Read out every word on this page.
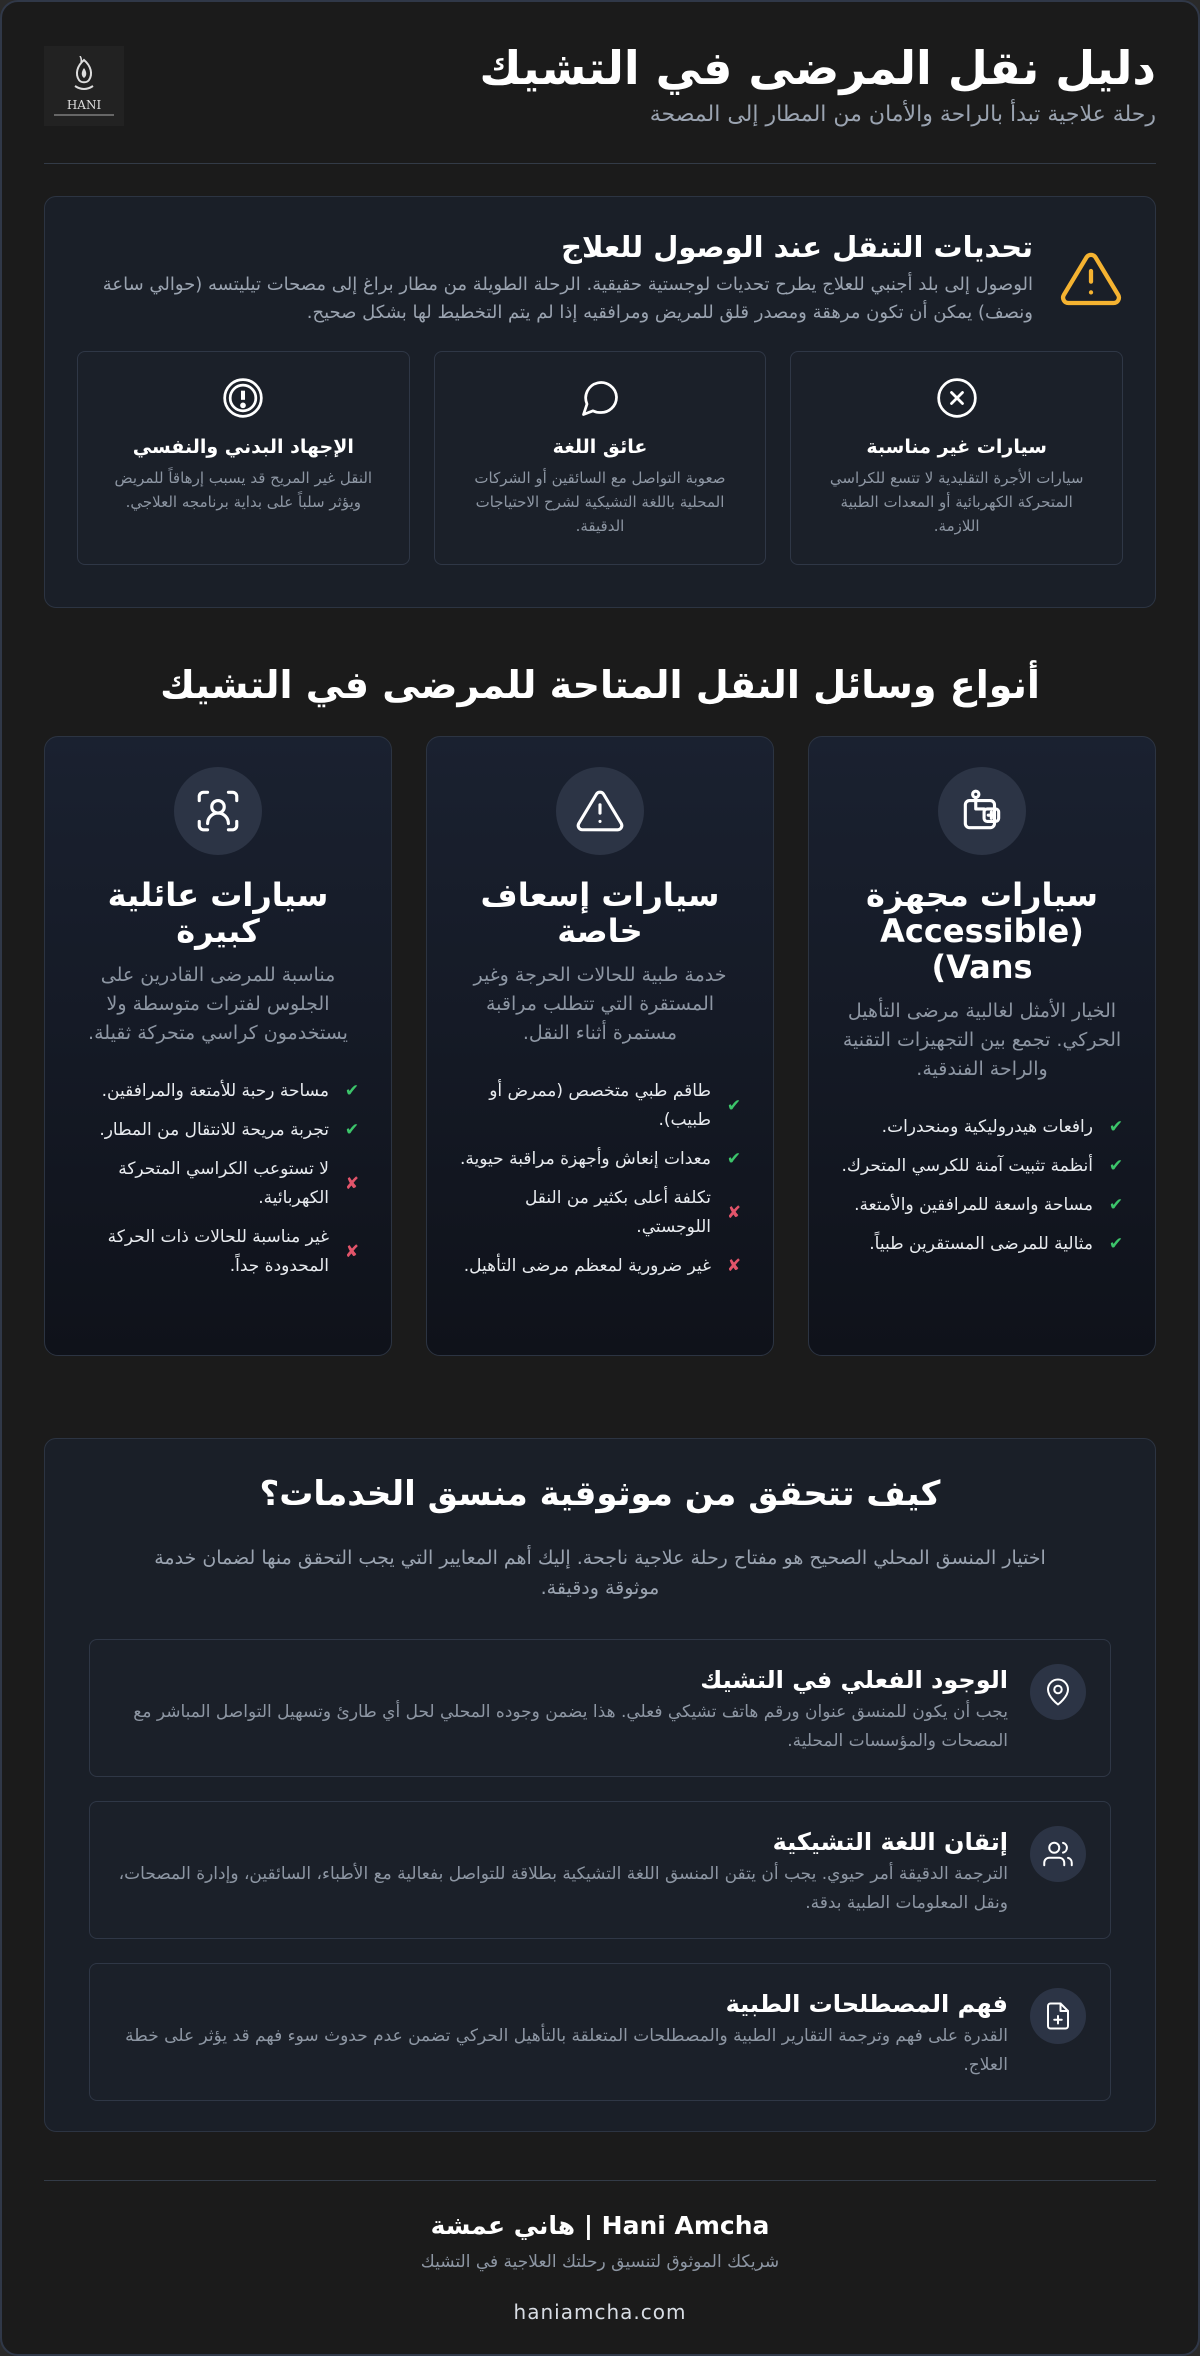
دليل نقل المرضى في التشيك
رحلة علاجية تبدأ بالراحة والأمان من المطار إلى المصحة
HANI
تحديات التنقل عند الوصول للعلاج

الوصول إلى بلد أجنبي للعلاج يطرح تحديات لوجستية حقيقية. الرحلة الطويلة من مطار براغ إلى مصحات تيليتسه (حوالي ساعة ونصف) يمكن أن تكون مرهقة ومصدر قلق للمريض ومرافقيه إذا لم يتم التخطيط لها بشكل صحيح.

سيارات غير مناسبة
سيارات الأجرة التقليدية لا تتسع للكراسي المتحركة الكهربائية أو المعدات الطبية اللازمة.
عائق اللغة
صعوبة التواصل مع السائقين أو الشركات المحلية باللغة التشيكية لشرح الاحتياجات الدقيقة.
الإجهاد البدني والنفسي
النقل غير المريح قد يسبب إرهاقاً للمريض ويؤثر سلباً على بداية برنامجه العلاجي.
أنواع وسائل النقل المتاحة للمرضى في التشيك
سيارات مجهزة (Accessible Vans)

الخيار الأمثل لغالبية مرضى التأهيل الحركي. تجمع بين التجهيزات التقنية والراحة الفندقية.

✔
رافعات هيدروليكية ومنحدرات.
✔
أنظمة تثبيت آمنة للكرسي المتحرك.
✔
مساحة واسعة للمرافقين والأمتعة.
✔
مثالية للمرضى المستقرين طبياً.
سيارات إسعاف خاصة

خدمة طبية للحالات الحرجة وغير المستقرة التي تتطلب مراقبة مستمرة أثناء النقل.

✔
طاقم طبي متخصص (ممرض أو طبيب).
✔
معدات إنعاش وأجهزة مراقبة حيوية.
✘
تكلفة أعلى بكثير من النقل اللوجستي.
✘
غير ضرورية لمعظم مرضى التأهيل.
سيارات عائلية كبيرة

مناسبة للمرضى القادرين على الجلوس لفترات متوسطة ولا يستخدمون كراسي متحركة ثقيلة.

✔
مساحة رحبة للأمتعة والمرافقين.
✔
تجربة مريحة للانتقال من المطار.
✘
لا تستوعب الكراسي المتحركة الكهربائية.
✘
غير مناسبة للحالات ذات الحركة المحدودة جداً.
كيف تتحقق من موثوقية منسق الخدمات؟

اختيار المنسق المحلي الصحيح هو مفتاح رحلة علاجية ناجحة. إليك أهم المعايير التي يجب التحقق منها لضمان خدمة موثوقة ودقيقة.

الوجود الفعلي في التشيك
يجب أن يكون للمنسق عنوان ورقم هاتف تشيكي فعلي. هذا يضمن وجوده المحلي لحل أي طارئ وتسهيل التواصل المباشر مع المصحات والمؤسسات المحلية.
إتقان اللغة التشيكية
الترجمة الدقيقة أمر حيوي. يجب أن يتقن المنسق اللغة التشيكية بطلاقة للتواصل بفعالية مع الأطباء، السائقين، وإدارة المصحات، ونقل المعلومات الطبية بدقة.
فهم المصطلحات الطبية
القدرة على فهم وترجمة التقارير الطبية والمصطلحات المتعلقة بالتأهيل الحركي تضمن عدم حدوث سوء فهم قد يؤثر على خطة العلاج.
Hani Amcha | هاني عمشة
شريكك الموثوق لتنسيق رحلتك العلاجية في التشيك
haniamcha.com
